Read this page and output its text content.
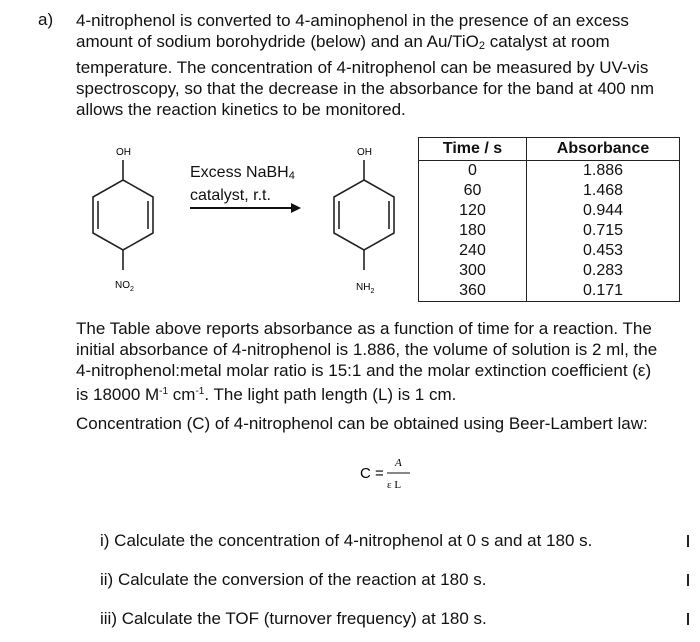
a) 4-nitrophenol is converted to 4-aminophenol in the presence of an excess
amount of sodium borohydride (below) and an Au/TiO$_2$ catalyst at room
temperature. The concentration of 4-nitrophenol can be measured by UV-vis
spectroscopy, so that the decrease in the absorbance for the band at 400 nm
allows the reaction kinetics to be monitored.
OH
$NO_2$
OH
$NH_2$
Excess NaBH$_4$
catalyst, r.t.
Time / s	Absorbance
0	1.886
60	1.468
120	0.944
180	0.715
240	0.453
300	0.283
360	0.171
The Table above reports absorbance as a function of time for a reaction. The
initial absorbance of 4-nitrophenol is 1.886, the volume of solution is 2 ml, the
4-nitrophenol:metal molar ratio is 15:1 and the molar extinction coefficient (ε)
is 18000 $M^{-1}$ $cm^{-1}$. The light path length (L) is 1 cm.
Concentration (C) of 4-nitrophenol can be obtained using Beer-Lambert law:
C =
A
ε L
i) Calculate the concentration of 4-nitrophenol at 0 s and at 180 s.
ii) Calculate the conversion of the reaction at 180 s.
iii) Calculate the TOF (turnover frequency) at 180 s.
